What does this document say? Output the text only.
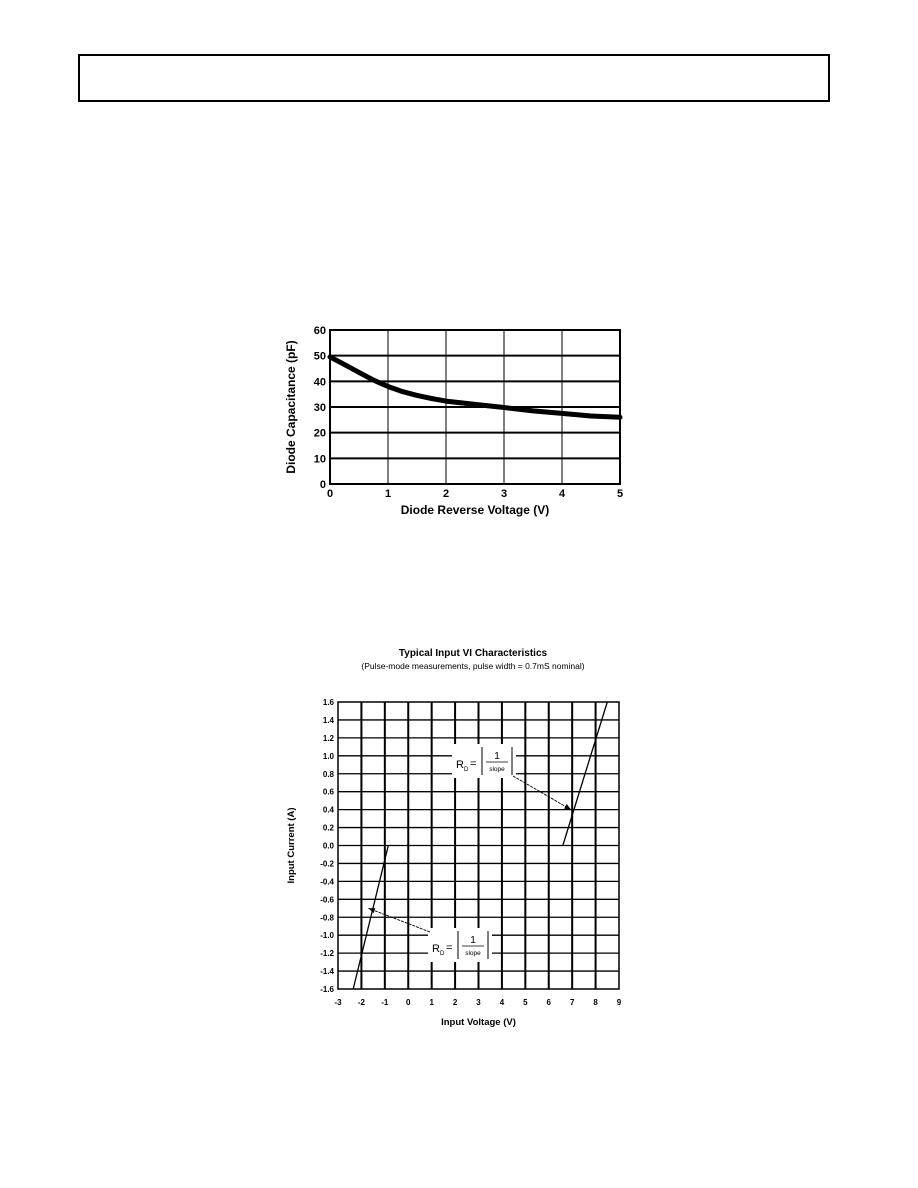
0	1	2	3	4	5
0
10
20
30
40
50
60
Diode Reverse Voltage (V)
Diode Capacitance (pF)
Typical Input VI Characteristics
(Pulse-mode measurements, pulse width = 0.7mS nominal)
-3 -2 -1 0 1 2 3 4 5 6 7 8 9
1.6
1.4
1.2
1.0
0.8
0.6
0.4
0.2
0.0
-0.2
-0.4
-0.6
-0.8
-1.0
-1.2
-1.4
-1.6
Input Voltage (V)
Input Current (A)
R D =
1
slope
R D =
1
slope
